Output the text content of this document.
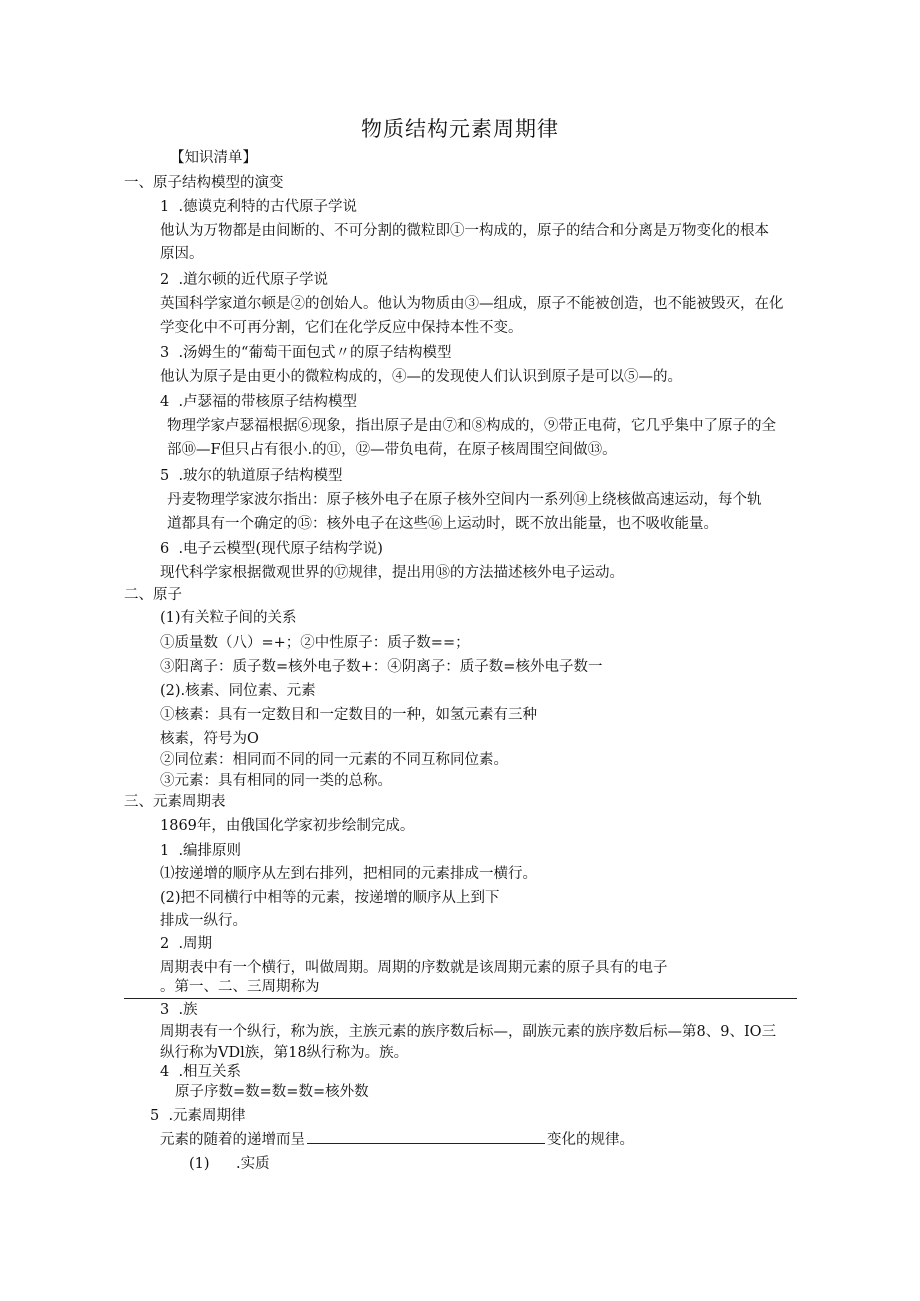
物质结构元素周期律
【知识清单】
一、原子结构模型的演变
1  .德谟克利特的古代原子学说
他认为万物都是由间断的、不可分割的微粒即①一构成的，原子的结合和分离是万物变化的根本
原因。
2  .道尔顿的近代原子学说
英国科学家道尔顿是②的创始人。他认为物质由③—组成，原子不能被创造，也不能被毁灭，在化
学变化中不可再分割，它们在化学反应中保持本性不变。
3  .汤姆生的“葡萄干面包式〃的原子结构模型
他认为原子是由更小的微粒构成的，④—的发现使人们认识到原子是可以⑤—的。
4  .卢瑟福的带核原子结构模型
物理学家卢瑟福根据⑥现象，指出原子是由⑦和⑧构成的，⑨带正电荷，它几乎集中了原子的全
部⑩—F但只占有很小.的⑪，⑫—带负电荷，在原子核周围空间做⑬。
5  .玻尔的轨道原子结构模型
丹麦物理学家波尔指出：原子核外电子在原子核外空间内一系列⑭上绕核做高速运动，每个轨
道都具有一个确定的⑮：核外电子在这些⑯上运动时，既不放出能量，也不吸收能量。
6  .电子云模型(现代原子结构学说)
现代科学家根据微观世界的⑰规律，提出用⑱的方法描述核外电子运动。
二、原子
(1)有关粒子间的关系
①质量数（八）=+；②中性原子：质子数==；
③阳离子：质子数=核外电子数+：④阴离子：质子数=核外电子数一
(2).核素、同位素、元素
①核素：具有一定数目和一定数目的一种，如氢元素有三种
核素，符号为O
②同位素：相同而不同的同一元素的不同互称同位素。
③元素：具有相同的同一类的总称。
三、元素周期表
1869年，由俄国化学家初步绘制完成。
1  .编排原则
⑴按递增的顺序从左到右排列，把相同的元素排成一横行。
(2)把不同横行中相等的元素，按递增的顺序从上到下
排成一纵行。
2  .周期
周期表中有一个横行，叫做周期。周期的序数就是该周期元素的原子具有的电子
。第一、二、三周期称为
3  .族
周期表有一个纵行，称为族，主族元素的族序数后标—，副族元素的族序数后标—第8、9、IO三
纵行称为VDl族，第18纵行称为。族。
4  .相互关系
原子序数=数=数=数=核外数
5  .元素周期律
元素的随着的递增而呈	变化的规律。
(1) .实质
